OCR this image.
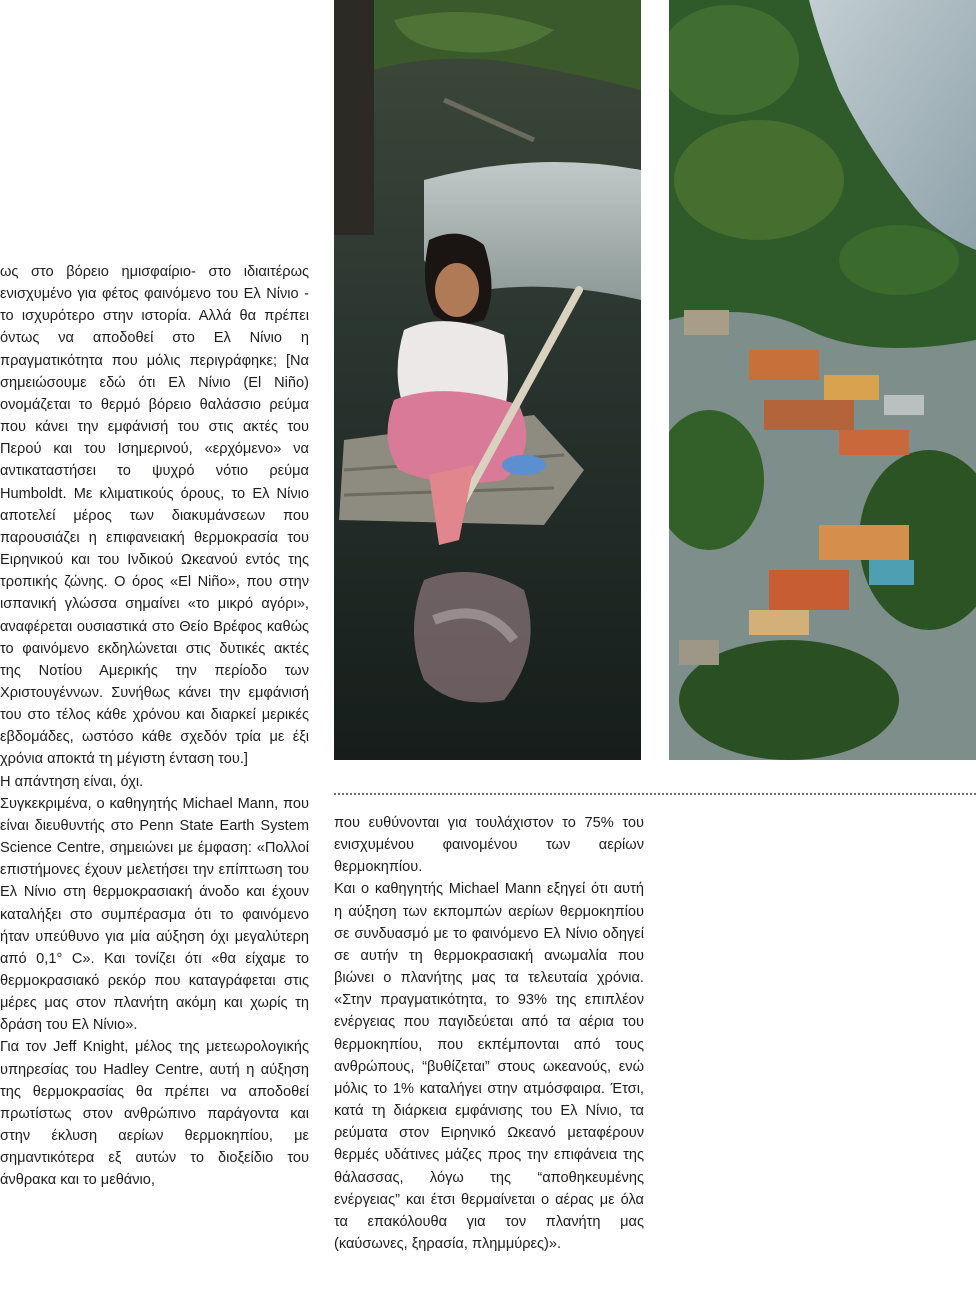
ως στο βόρειο ημισφαίριο- στο ιδιαιτέρως ενισχυμένο για φέτος φαινόμενο του Ελ Νίνιο - το ισχυρότερο στην ιστορία. Αλλά θα πρέπει όντως να αποδοθεί στο Ελ Νίνιο η πραγματικότητα που μόλις περιγράφηκε; [Να σημειώσουμε εδώ ότι Ελ Νίνιο (El Niño) ονομάζεται το θερμό βόρειο θαλάσσιο ρεύμα που κάνει την εμφάνισή του στις ακτές του Περού και του Ισημερινού, «ερχόμενο» να αντικαταστήσει το ψυχρό νότιο ρεύμα Humboldt. Με κλιματικούς όρους, το Ελ Νίνιο αποτελεί μέρος των διακυμάνσεων που παρουσιάζει η επιφανειακή θερμοκρασία του Ειρηνικού και του Ινδικού Ωκεανού εντός της τροπικής ζώνης. Ο όρος «El Niño», που στην ισπανική γλώσσα σημαίνει «το μικρό αγόρι», αναφέρεται ουσιαστικά στο Θείο Βρέφος καθώς το φαινόμενο εκδηλώνεται στις δυτικές ακτές της Νοτίου Αμερικής την περίοδο των Χριστουγέννων. Συνήθως κάνει την εμφάνισή του στο τέλος κάθε χρόνου και διαρκεί μερικές εβδομάδες, ωστόσο κάθε σχεδόν τρία με έξι χρόνια αποκτά τη μέγιστη ένταση του.]

Η απάντηση είναι, όχι.

Συγκεκριμένα, ο καθηγητής Michael Mann, που είναι διευθυντής στο Penn State Earth System Science Centre, σημειώνει με έμφαση: «Πολλοί επιστήμονες έχουν μελετήσει την επίπτωση του Ελ Νίνιο στη θερμοκρασιακή άνοδο και έχουν καταλήξει στο συμπέρασμα ότι το φαινόμενο ήταν υπεύθυνο για μία αύξηση όχι μεγαλύτερη από 0,1° C». Και τονίζει ότι «θα είχαμε το θερμοκρασιακό ρεκόρ που καταγράφεται στις μέρες μας στον πλανήτη ακόμη και χωρίς τη δράση του Ελ Νίνιο».

Για τον Jeff Knight, μέλος της μετεωρολογικής υπηρεσίας του Hadley Centre, αυτή η αύξηση της θερμοκρασίας θα πρέπει να αποδοθεί πρωτίστως στον ανθρώπινο παράγοντα και στην έκλυση αερίων θερμοκηπίου, με σημαντικότερα εξ αυτών το διοξείδιο του άνθρακα και το μεθάνιο,

που ευθύνονται για τουλάχιστον το 75% του ενισχυμένου φαινομένου των αερίων θερμοκηπίου.

Και ο καθηγητής Michael Mann εξηγεί ότι αυτή η αύξηση των εκπομπών αερίων θερμοκηπίου σε συνδυασμό με το φαινόμενο Ελ Νίνιο οδηγεί σε αυτήν τη θερμοκρασιακή ανωμαλία που βιώνει ο πλανήτης μας τα τελευταία χρόνια. «Στην πραγματικότητα, το 93% της επιπλέον ενέργειας που παγιδεύεται από τα αέρια του θερμοκηπίου, που εκπέμπονται από τους ανθρώπους, “βυθίζεται” στους ωκεανούς, ενώ μόλις το 1% καταλήγει στην ατμόσφαιρα. Έτσι, κατά τη διάρκεια εμφάνισης του Ελ Νίνιο, τα ρεύματα στον Ειρηνικό Ωκεανό μεταφέρουν θερμές υδάτινες μάζες προς την επιφάνεια της θάλασσας, λόγω της “αποθηκευμένης ενέργειας” και έτσι θερμαίνεται ο αέρας με όλα τα επακόλουθα για τον πλανήτη μας (καύσωνες, ξηρασία, πλημμύρες)».
